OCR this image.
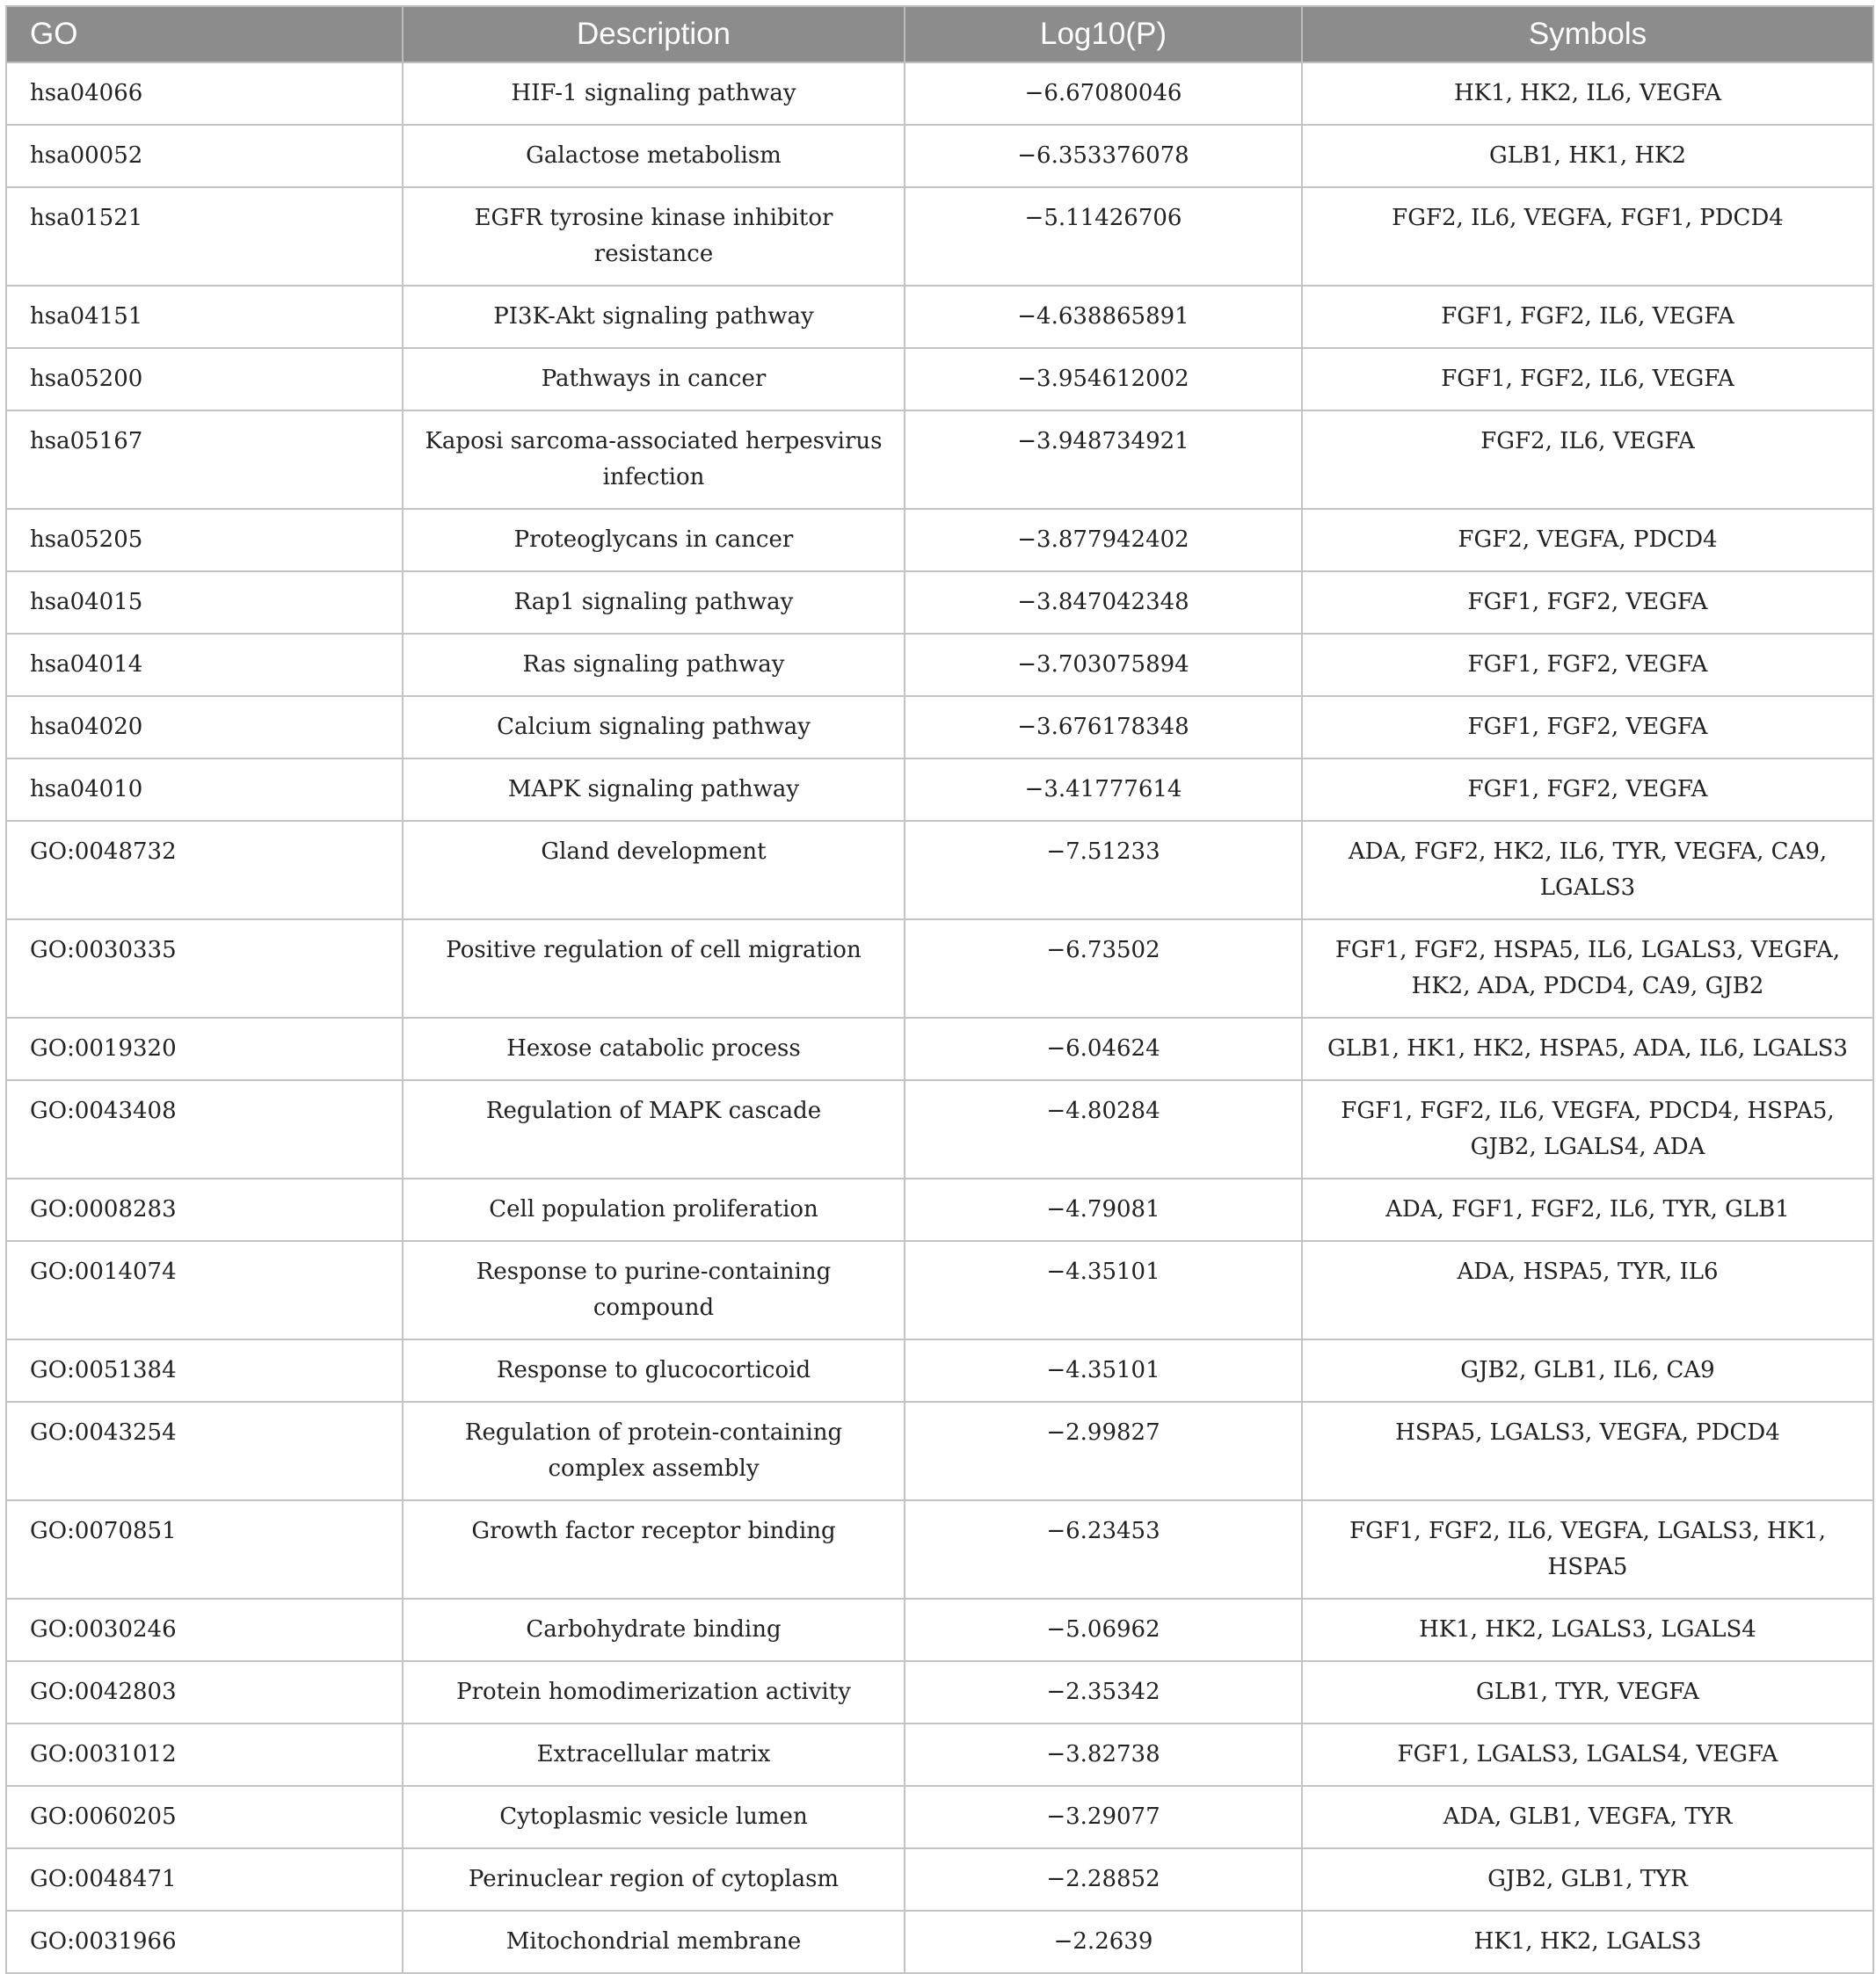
GO	Description	Log10(P)	Symbols
hsa04066	HIF-1 signaling pathway	−6.67080046	HK1, HK2, IL6, VEGFA
hsa00052	Galactose metabolism	−6.353376078	GLB1, HK1, HK2
hsa01521	EGFR tyrosine kinase inhibitor resistance	−5.11426706	FGF2, IL6, VEGFA, FGF1, PDCD4
hsa04151	PI3K-Akt signaling pathway	−4.638865891	FGF1, FGF2, IL6, VEGFA
hsa05200	Pathways in cancer	−3.954612002	FGF1, FGF2, IL6, VEGFA
hsa05167	Kaposi sarcoma-associated herpesvirus infection	−3.948734921	FGF2, IL6, VEGFA
hsa05205	Proteoglycans in cancer	−3.877942402	FGF2, VEGFA, PDCD4
hsa04015	Rap1 signaling pathway	−3.847042348	FGF1, FGF2, VEGFA
hsa04014	Ras signaling pathway	−3.703075894	FGF1, FGF2, VEGFA
hsa04020	Calcium signaling pathway	−3.676178348	FGF1, FGF2, VEGFA
hsa04010	MAPK signaling pathway	−3.41777614	FGF1, FGF2, VEGFA
GO:0048732	Gland development	−7.51233	ADA, FGF2, HK2, IL6, TYR, VEGFA, CA9, LGALS3
GO:0030335	Positive regulation of cell migration	−6.73502	FGF1, FGF2, HSPA5, IL6, LGALS3, VEGFA, HK2, ADA, PDCD4, CA9, GJB2
GO:0019320	Hexose catabolic process	−6.04624	GLB1, HK1, HK2, HSPA5, ADA, IL6, LGALS3
GO:0043408	Regulation of MAPK cascade	−4.80284	FGF1, FGF2, IL6, VEGFA, PDCD4, HSPA5, GJB2, LGALS4, ADA
GO:0008283	Cell population proliferation	−4.79081	ADA, FGF1, FGF2, IL6, TYR, GLB1
GO:0014074	Response to purine-containing compound	−4.35101	ADA, HSPA5, TYR, IL6
GO:0051384	Response to glucocorticoid	−4.35101	GJB2, GLB1, IL6, CA9
GO:0043254	Regulation of protein-containing complex assembly	−2.99827	HSPA5, LGALS3, VEGFA, PDCD4
GO:0070851	Growth factor receptor binding	−6.23453	FGF1, FGF2, IL6, VEGFA, LGALS3, HK1, HSPA5
GO:0030246	Carbohydrate binding	−5.06962	HK1, HK2, LGALS3, LGALS4
GO:0042803	Protein homodimerization activity	−2.35342	GLB1, TYR, VEGFA
GO:0031012	Extracellular matrix	−3.82738	FGF1, LGALS3, LGALS4, VEGFA
GO:0060205	Cytoplasmic vesicle lumen	−3.29077	ADA, GLB1, VEGFA, TYR
GO:0048471	Perinuclear region of cytoplasm	−2.28852	GJB2, GLB1, TYR
GO:0031966	Mitochondrial membrane	−2.2639	HK1, HK2, LGALS3
